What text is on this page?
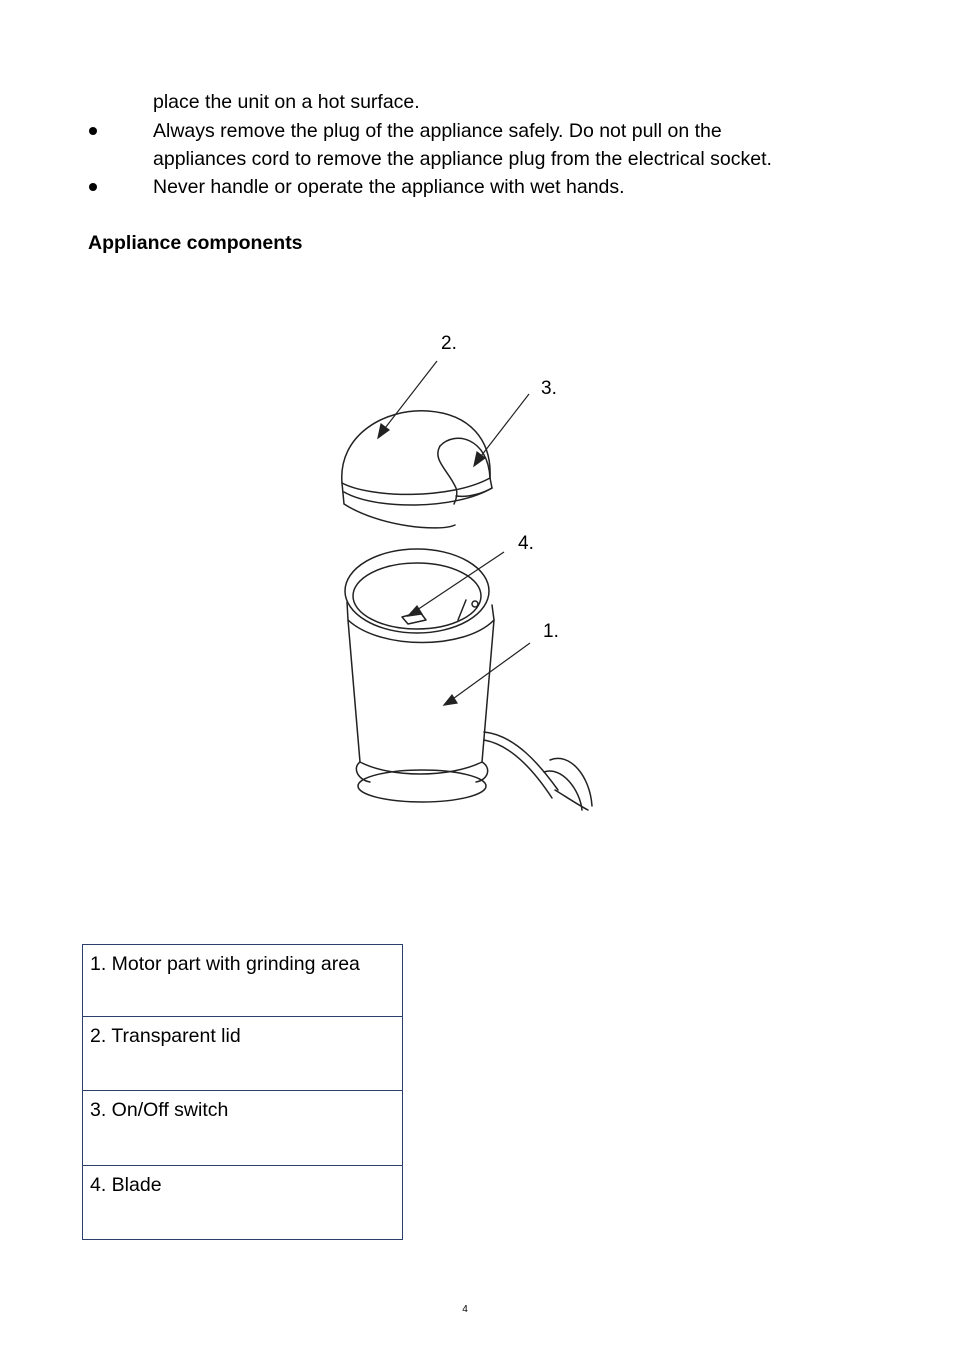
place the unit on a hot surface.
Always remove the plug of the appliance safely. Do not pull on the
appliances cord to remove the appliance plug from the electrical socket.
Never handle or operate the appliance with wet hands.
Appliance components
2.
3.
4.
1.
1. Motor part with grinding area
2. Transparent lid
3. On/Off switch
4. Blade
4
